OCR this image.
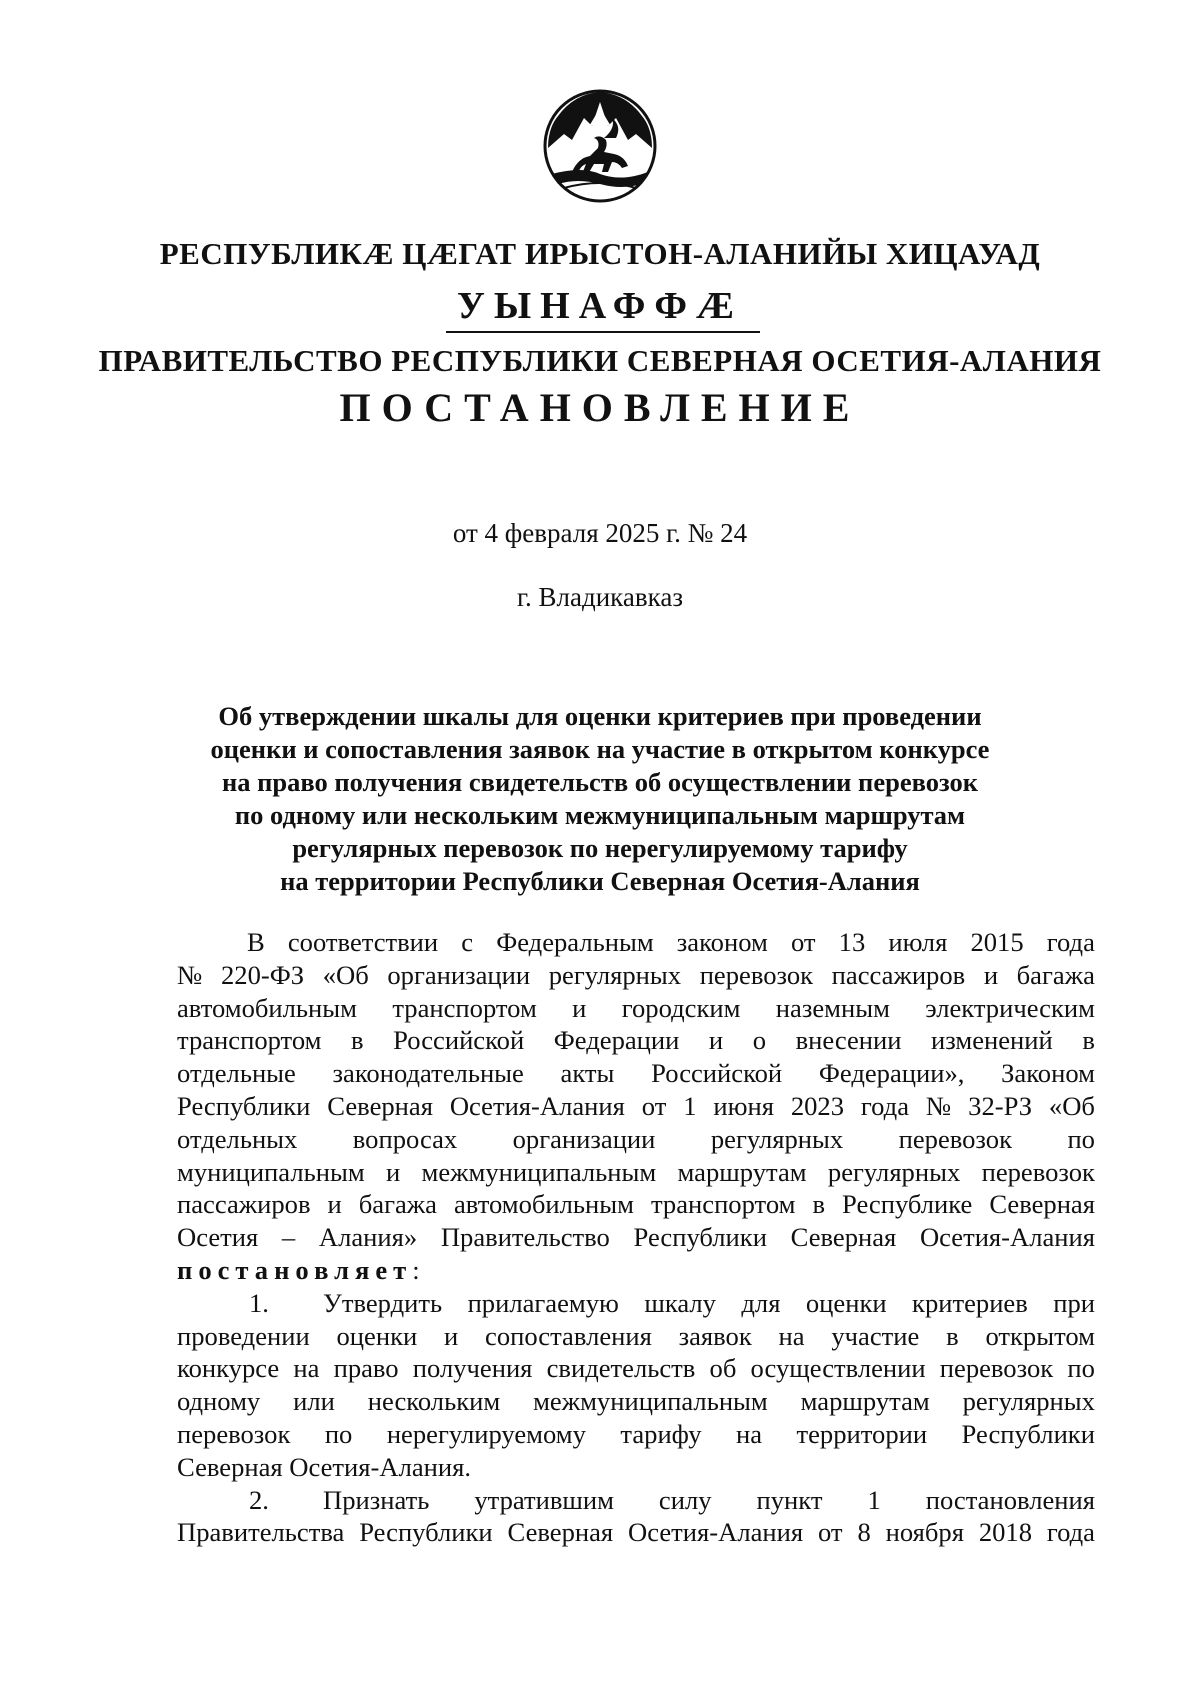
РЕСПУБЛИКÆ ЦÆГАТ ИРЫСТОН-АЛАНИЙЫ ХИЦАУАД
УЫНАФФÆ
ПРАВИТЕЛЬСТВО РЕСПУБЛИКИ СЕВЕРНАЯ ОСЕТИЯ-АЛАНИЯ
ПОСТАНОВЛЕНИЕ
от 4 февраля 2025 г. № 24
г. Владикавказ
Об утверждении шкалы для оценки критериев при проведении
оценки и сопоставления заявок на участие в открытом конкурсе
на право получения свидетельств об осуществлении перевозок
по одному или нескольким межмуниципальным маршрутам
регулярных перевозок по нерегулируемому тарифу
на территории Республики Северная Осетия-Алания
В соответствии с Федеральным законом от 13 июля 2015 года
№ 220-ФЗ «Об организации регулярных перевозок пассажиров и багажа
автомобильным транспортом и городским наземным электрическим
транспортом в Российской Федерации и о внесении изменений в
отдельные законодательные акты Российской Федерации», Законом
Республики Северная Осетия-Алания от 1 июня 2023 года № 32-РЗ «Об
отдельных вопросах организации регулярных перевозок по
муниципальным и межмуниципальным маршрутам регулярных перевозок
пассажиров и багажа автомобильным транспортом в Республике Северная
Осетия – Алания» Правительство Республики Северная Осетия-Алания
постановляет :
1.	Утвердить прилагаемую шкалу для оценки критериев при
проведении оценки и сопоставления заявок на участие в открытом
конкурсе на право получения свидетельств об осуществлении перевозок по
одному или нескольким межмуниципальным маршрутам регулярных
перевозок по нерегулируемому тарифу на территории Республики
Северная Осетия-Алания.
2.	Признать утратившим силу пункт 1 постановления
Правительства Республики Северная Осетия-Алания от 8 ноября 2018 года
